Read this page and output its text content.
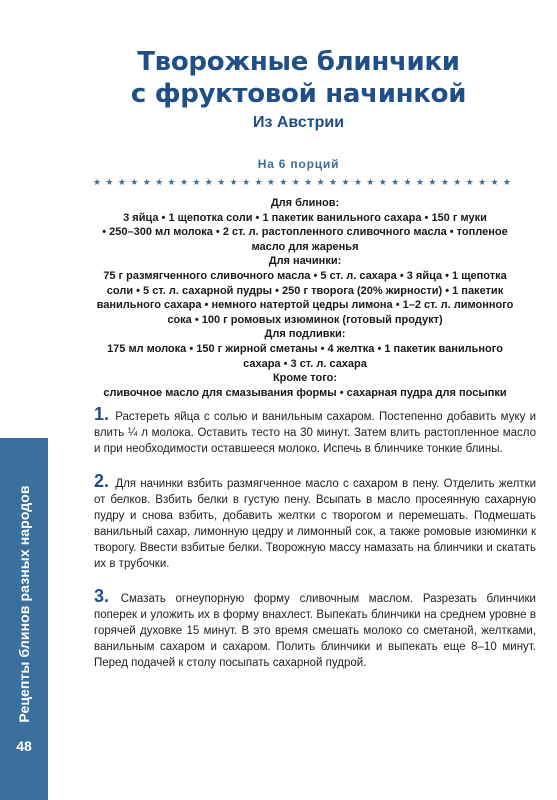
Рецепты блинов разных народов
48
Творожные блинчики
с фруктовой начинкой
Из Австрии
На 6 порций
★ ★ ★ ★ ★ ★ ★ ★ ★ ★ ★ ★ ★ ★ ★ ★ ★ ★ ★ ★ ★ ★ ★ ★ ★ ★ ★ ★ ★ ★ ★ ★ ★ ★
Для блинов:
3 яйца • 1 щепотка соли • 1 пакетик ванильного сахара • 150 г муки
• 250–300 мл молока • 2 ст. л. растопленного сливочного масла • топленое
масло для жаренья
Для начинки:
75 г размягченного сливочного масла • 5 ст. л. сахара • 3 яйца • 1 щепотка
соли • 5 ст. л. сахарной пудры • 250 г творога (20% жирности) • 1 пакетик
ванильного сахара • немного натертой цедры лимона • 1–2 ст. л. лимонного
сока • 100 г ромовых изюминок (готовый продукт)
Для подливки:
175 мл молока • 150 г жирной сметаны • 4 желтка • 1 пакетик ванильного
сахара • 3 ст. л. сахара
Кроме того:
сливочное масло для смазывания формы • сахарная пудра для посыпки

1. Растереть яйца с солью и ванильным сахаром. Постепенно добавить муку и влить ¼ л молока. Оставить тесто на 30 минут. Затем влить растопленное масло и при необходимости оставшееся молоко. Испечь в блинчике тонкие блины.

2. Для начинки взбить размягченное масло с сахаром в пену. Отделить желтки от белков. Взбить белки в густую пену. Всыпать в масло просеянную сахарную пудру и снова взбить, добавить желтки с творогом и перемешать. Подмешать ванильный сахар, лимонную цедру и лимонный сок, а также ромовые изюминки к творогу. Ввести взбитые белки. Творожную массу намазать на блинчики и скатать их в трубочки.

3. Смазать огнеупорную форму сливочным маслом. Разрезать блинчики поперек и уложить их в форму внахлест. Выпекать блинчики на среднем уровне в горячей духовке 15 минут. В это время смешать молоко со сметаной, желтками, ванильным сахаром и сахаром. Полить блинчики и выпекать еще 8–10 минут. Перед подачей к столу посыпать сахарной пудрой.
